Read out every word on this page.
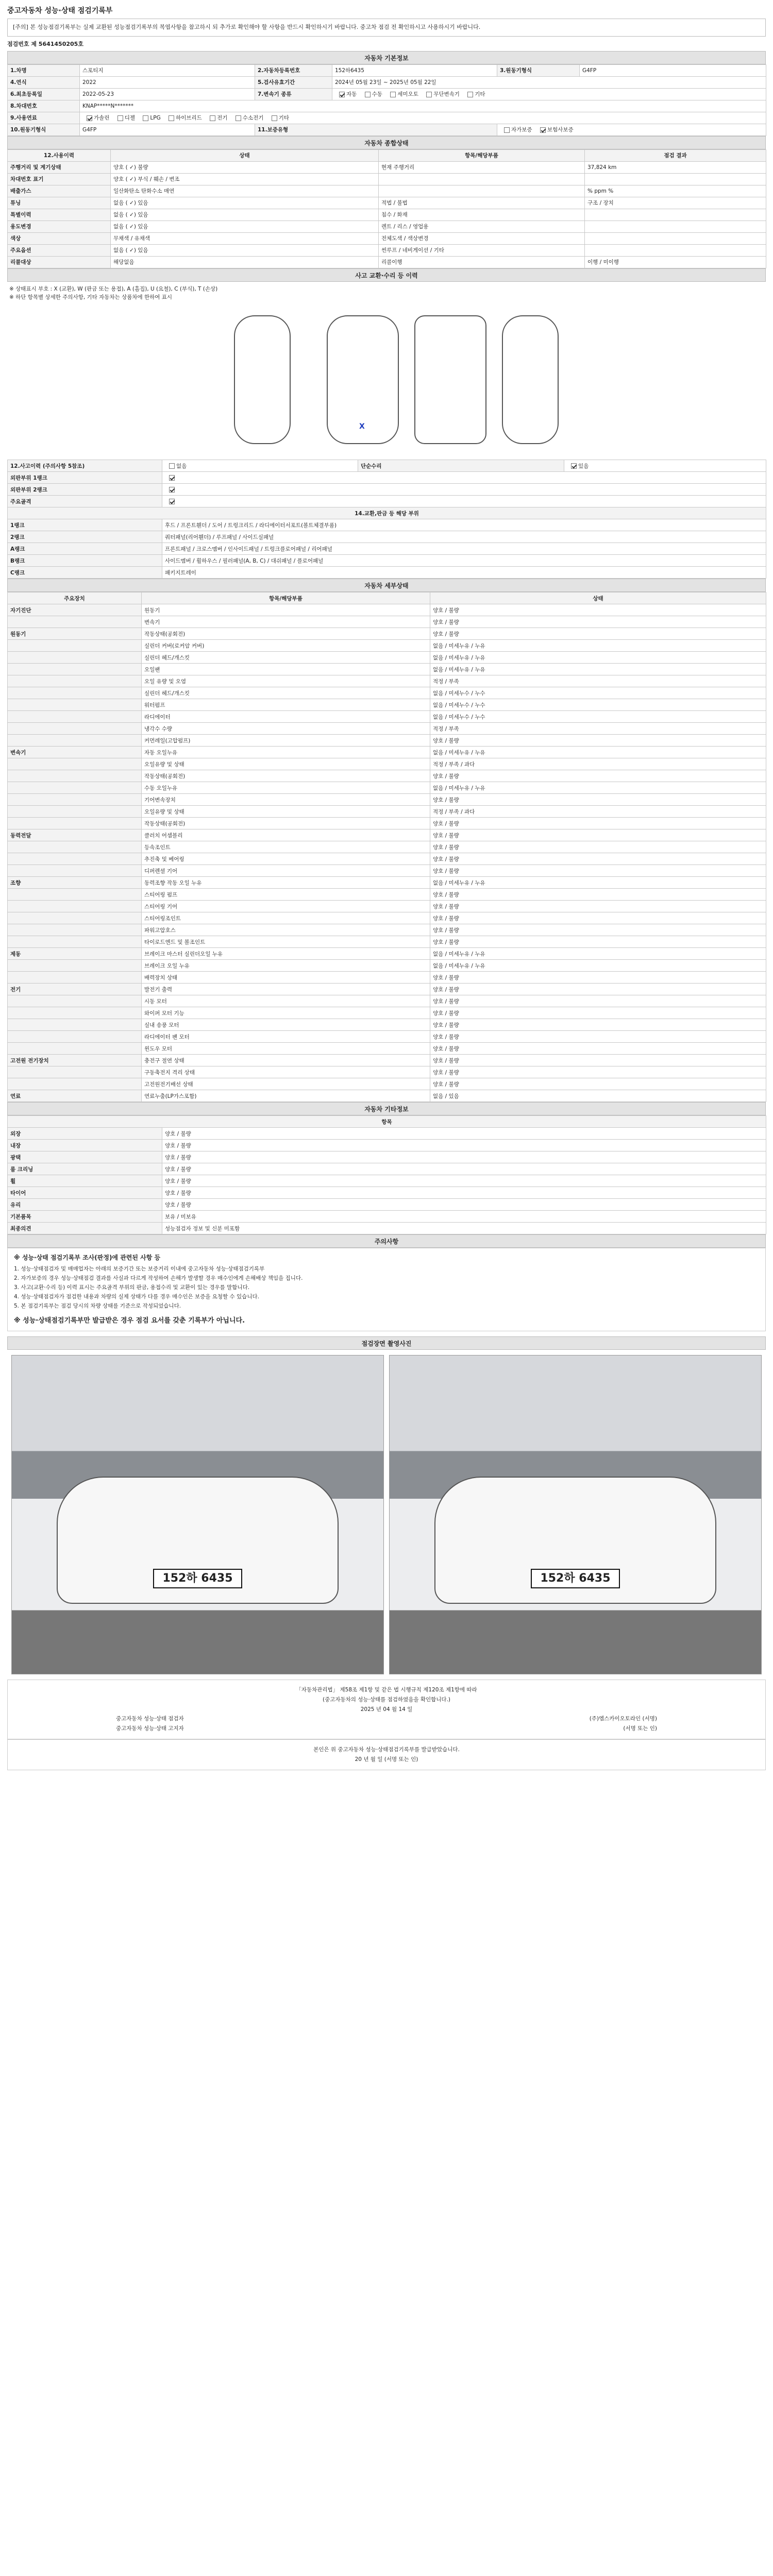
중고자동차 성능·상태 점검기록부
[주의] 본 성능점검기록부는 실제 교환된 성능점검기록부의 복엽사항을 참고하시 되 추가로 확인해야 할 사항을 반드시 확인하시기 바랍니다. 중고차 점검 전 확인하시고 사용하시기 바랍니다.
점검번호 제 5641450205호
자동차 기본정보
1.차명	스포티지	2.자동차등록번호	152하6435	3.원동기형식	G4FP
4.연식	2022	5.검사유효기간	2024년 05월 23일 ~ 2025년 05월 22일		
6.최초등록일	2022-05-23	7.변속기 종류	자동 수동 세미오토 무단변속기 기타		
8.차대번호	KNAP*****N*******				
9.사용연료	가솔린 디젤 LPG 하이브리드 전기 수소전기 기타				
10.원동기형식	G4FP	11.보증유형		자가보증 보험사보증	
자동차 종합상태
12.사용이력	상태	항목/해당부품	점검 결과
주행거리 및 계기상태	양호 ( ✓) 불량	현재 주행거리	37,824 km
차대번호 표기	양호 ( ✓) 부식 / 훼손 / 변조		
배출가스	일산화탄소 탄화수소 매연		% ppm %
튜닝	없음 ( ✓) 있음	적법 / 불법	구조 / 장치
특별이력	없음 ( ✓) 있음	침수 / 화재	
용도변경	없음 ( ✓) 있음	렌트 / 리스 / 영업용	
색상	무채색 / 유채색	전체도색 / 색상변경	
주요옵션	없음 ( ✓) 있음	썬루프 / 네비게이션 / 기타	
리콜대상	해당없음	리콜이행	이행 / 미이행
사고 교환·수리 등 이력
※ 상태표시 부호 : X (교환), W (판금 또는 용접), A (흠집), U (요철), C (부식), T (손상)
※ 하단 항목별 상세한 주의사항, 기타 자동차는 상품차에 한하여 표시
X
12.사고이력 (주의사항 5참조)	없음	단순수리	있음
외판부위 1랭크			
외판부위 2랭크			
주요골격			
14.교환,판금 등 해당 부위			
1랭크	후드 / 프론트휀더 / 도어 / 트렁크리드 / 라디에이터서포트(볼트체결부품)		
2랭크	쿼터패널(리어휀더) / 루프패널 / 사이드실패널		
A랭크	프론트패널 / 크로스멤버 / 인사이드패널 / 트렁크플로어패널 / 리어패널		
B랭크	사이드멤버 / 휠하우스 / 필러패널(A, B, C) / 대쉬패널 / 플로어패널		
C랭크	패키지트레이		
자동차 세부상태
주요장치	항목/해당부품	상태
자기진단	원동기	양호 / 불량
	변속기	양호 / 불량
원동기	작동상태(공회전)	양호 / 불량
	실린더 커버(로커암 커버)	없음 / 미세누유 / 누유
	실린더 헤드/개스킷	없음 / 미세누유 / 누유
	오일팬	없음 / 미세누유 / 누유
	오일 유량 및 오염	적정 / 부족
	실린더 헤드/개스킷	없음 / 미세누수 / 누수
	워터펌프	없음 / 미세누수 / 누수
	라디에이터	없음 / 미세누수 / 누수
	냉각수 수량	적정 / 부족
	커먼레일(고압펌프)	양호 / 불량
변속기	자동 오일누유	없음 / 미세누유 / 누유
	오일유량 및 상태	적정 / 부족 / 과다
	작동상태(공회전)	양호 / 불량
	수동 오일누유	없음 / 미세누유 / 누유
	기어변속장치	양호 / 불량
	오일유량 및 상태	적정 / 부족 / 과다
	작동상태(공회전)	양호 / 불량
동력전달	클러치 어셈블리	양호 / 불량
	등속조인트	양호 / 불량
	추진축 및 베어링	양호 / 불량
	디퍼렌셜 기어	양호 / 불량
조향	동력조향 작동 오일 누유	없음 / 미세누유 / 누유
	스티어링 펌프	양호 / 불량
	스티어링 기어	양호 / 불량
	스티어링조인트	양호 / 불량
	파워고압호스	양호 / 불량
	타이로드엔드 및 볼조인트	양호 / 불량
제동	브레이크 마스터 실린더오일 누유	없음 / 미세누유 / 누유
	브레이크 오일 누유	없음 / 미세누유 / 누유
	배력장치 상태	양호 / 불량
전기	발전기 출력	양호 / 불량
	시동 모터	양호 / 불량
	와이퍼 모터 기능	양호 / 불량
	실내 송풍 모터	양호 / 불량
	라디에이터 팬 모터	양호 / 불량
	윈도우 모터	양호 / 불량
고전원 전기장치	충전구 절연 상태	양호 / 불량
	구동축전지 격리 상태	양호 / 불량
	고전원전기배선 상태	양호 / 불량
연료	연료누출(LP가스포함)	없음 / 있음
자동차 기타정보
항목	
외장	양호 / 불량
내장	양호 / 불량
광택	양호 / 불량
룸 크리닝	양호 / 불량
휠	양호 / 불량
타이어	양호 / 불량
유리	양호 / 불량
기본품목	보유 / 미보유
최종의견	성능점검자 정보 및 신분 미포함
주의사항
※ 성능·상태 점검기록부 조사(판정)에 관련된 사항 등
1. 성능·상태점검자 및 매매업자는 아래의 보증기간 또는 보증거리 이내에 중고자동차 성능·상태점검기록부
2. 자가보증의 경우 성능·상태점검 결과를 사실과 다르게 작성하여 손해가 발생할 경우 매수인에게 손해배상 책임을 집니다.
3. 사고(교환·수리 등) 이력 표시는 주요골격 부위의 판금, 용접수리 및 교환이 있는 경우를 말합니다.
4. 성능·상태점검자가 점검한 내용과 차량의 실제 상태가 다를 경우 매수인은 보증을 요청할 수 있습니다.
5. 본 점검기록부는 점검 당시의 차량 상태를 기준으로 작성되었습니다.
※ 성능·상태점검기록부만 발급받은 경우 점검 요서를 갖춘 기록부가 아닙니다.
점검장면 촬영사진
152하 6435	152하 6435
「자동차관리법」 제58조 제1항 및 같은 법 시행규칙 제120조 제1항에 따라
(중고자동차의 성능·상태를 점검하였음을 확인합니다.)
2025 년 04 월 14 일
중고자동차 성능·상태 점검자	(주)엠스카이오토라인 (서명)
중고자동차 성능·상태 고지자	(서명 또는 인)
본인은 위 중고자동차 성능·상태점검기록부를 발급받았습니다.
20 년 월 일 (서명 또는 인)
